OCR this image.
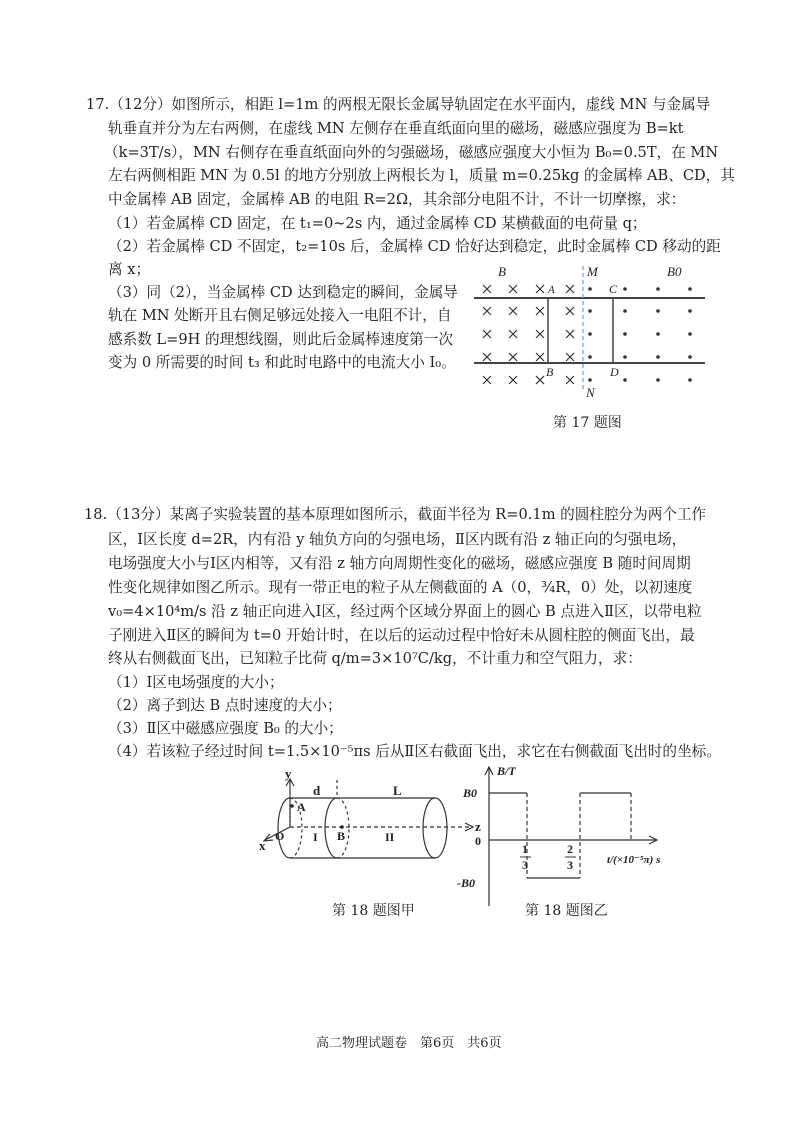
17.（12分）如图所示，相距 l=1m 的两根无限长金属导轨固定在水平面内，虚线 MN 与金属导
轨垂直并分为左右两侧，在虚线 MN 左侧存在垂直纸面向里的磁场，磁感应强度为 B=kt
（k=3T/s），MN 右侧存在垂直纸面向外的匀强磁场，磁感应强度大小恒为 B₀=0.5T，在 MN
左右两侧相距 MN 为 0.5l 的地方分别放上两根长为 l，质量 m=0.25kg 的金属棒 AB、CD，其
中金属棒 AB 固定，金属棒 AB 的电阻 R=2Ω，其余部分电阻不计，不计一切摩擦，求：
（1）若金属棒 CD 固定，在 t₁=0~2s 内，通过金属棒 CD 某横截面的电荷量 q；
（2）若金属棒 CD 不固定，t₂=10s 后，金属棒 CD 恰好达到稳定，此时金属棒 CD 移动的距
离 x；
（3）同（2），当金属棒 CD 达到稳定的瞬间，金属导
轨在 MN 处断开且右侧足够远处接入一电阻不计，自
感系数 L=9H 的理想线圈，则此后金属棒速度第一次
变为 0 所需要的时间 t₃ 和此时电路中的电流大小 I₀。
B	M	B0
A	C
B	D
N
第 17 题图
18.（13分）某离子实验装置的基本原理如图所示，截面半径为 R=0.1m 的圆柱腔分为两个工作
区，Ⅰ区长度 d=2R，内有沿 y 轴负方向的匀强电场，Ⅱ区内既有沿 z 轴正向的匀强电场，
电场强度大小与Ⅰ区内相等，又有沿 z 轴方向周期性变化的磁场，磁感应强度 B 随时间周期
性变化规律如图乙所示。现有一带正电的粒子从左侧截面的 A（0，¾R，0）处，以初速度
v₀=4×10⁴m/s 沿 z 轴正向进入Ⅰ区，经过两个区域分界面上的圆心 B 点进入Ⅱ区，以带电粒
子刚进入Ⅱ区的瞬间为 t=0 开始计时，在以后的运动过程中恰好未从圆柱腔的侧面飞出，最
终从右侧截面飞出，已知粒子比荷 q/m=3×10⁷C/kg，不计重力和空气阻力，求：
（1）Ⅰ区电场强度的大小；
（2）离子到达 B 点时速度的大小；
（3）Ⅱ区中磁感应强度 B₀ 的大小；
（4）若该粒子经过时间 t=1.5×10⁻⁵πs 后从Ⅱ区右截面飞出，求它在右侧截面飞出时的坐标。
y
x
z
O
A
B
d	L
I	II
第 18 题图甲
B/T
B0
-B0
0
1
3
2
3	t/(×10⁻⁵π) s
第 18 题图乙
高二物理试题卷　第6页　共6页
